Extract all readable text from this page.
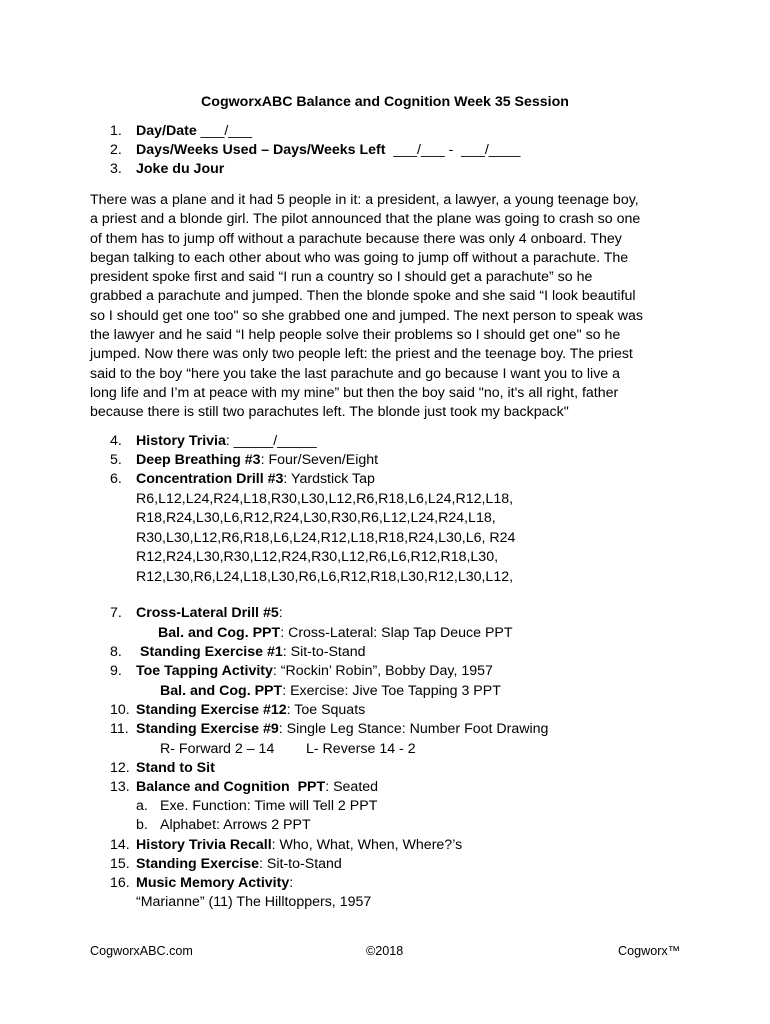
CogworxABC Balance and Cognition Week 35 Session
1. Day/Date ___/___
2. Days/Weeks Used – Days/Weeks Left  ___/___ -  ___/____
3. Joke du Jour
There was a plane and it had 5 people in it: a president, a lawyer, a young teenage boy,
a priest and a blonde girl. The pilot announced that the plane was going to crash so one
of them has to jump off without a parachute because there was only 4 onboard. They
began talking to each other about who was going to jump off without a parachute. The
president spoke first and said “I run a country so I should get a parachute” so he
grabbed a parachute and jumped. Then the blonde spoke and she said “I look beautiful
so I should get one too" so she grabbed one and jumped. The next person to speak was
the lawyer and he said “I help people solve their problems so I should get one" so he
jumped. Now there was only two people left: the priest and the teenage boy. The priest
said to the boy “here you take the last parachute and go because I want you to live a
long life and I’m at peace with my mine” but then the boy said "no, it's all right, father
because there is still two parachutes left. The blonde just took my backpack"
4. History Trivia: _____/_____
5. Deep Breathing #3: Four/Seven/Eight
6. Concentration Drill #3: Yardstick Tap
R6,L12,L24,R24,L18,R30,L30,L12,R6,R18,L6,L24,R12,L18,
R18,R24,L30,L6,R12,R24,L30,R30,R6,L12,L24,R24,L18,
R30,L30,L12,R6,R18,L6,L24,R12,L18,R18,R24,L30,L6, R24
R12,R24,L30,R30,L12,R24,R30,L12,R6,L6,R12,R18,L30,
R12,L30,R6,L24,L18,L30,R6,L6,R12,R18,L30,R12,L30,L12,
7. Cross-Lateral Drill #5:
Bal. and Cog. PPT: Cross-Lateral: Slap Tap Deuce PPT
8. Standing Exercise #1: Sit-to-Stand
9. Toe Tapping Activity: “Rockin’ Robin”, Bobby Day, 1957
Bal. and Cog. PPT: Exercise: Jive Toe Tapping 3 PPT
10. Standing Exercise #12: Toe Squats
11. Standing Exercise #9: Single Leg Stance: Number Foot Drawing
R- Forward 2 – 14 L- Reverse 14 - 2
12. Stand to Sit
13. Balance and Cognition  PPT: Seated
a. Exe. Function: Time will Tell 2 PPT
b. Alphabet: Arrows 2 PPT
14. History Trivia Recall: Who, What, When, Where?’s
15. Standing Exercise: Sit-to-Stand
16. Music Memory Activity:
“Marianne” (11) The Hilltoppers, 1957
CogworxABC.com	©2018	Cogworx™
